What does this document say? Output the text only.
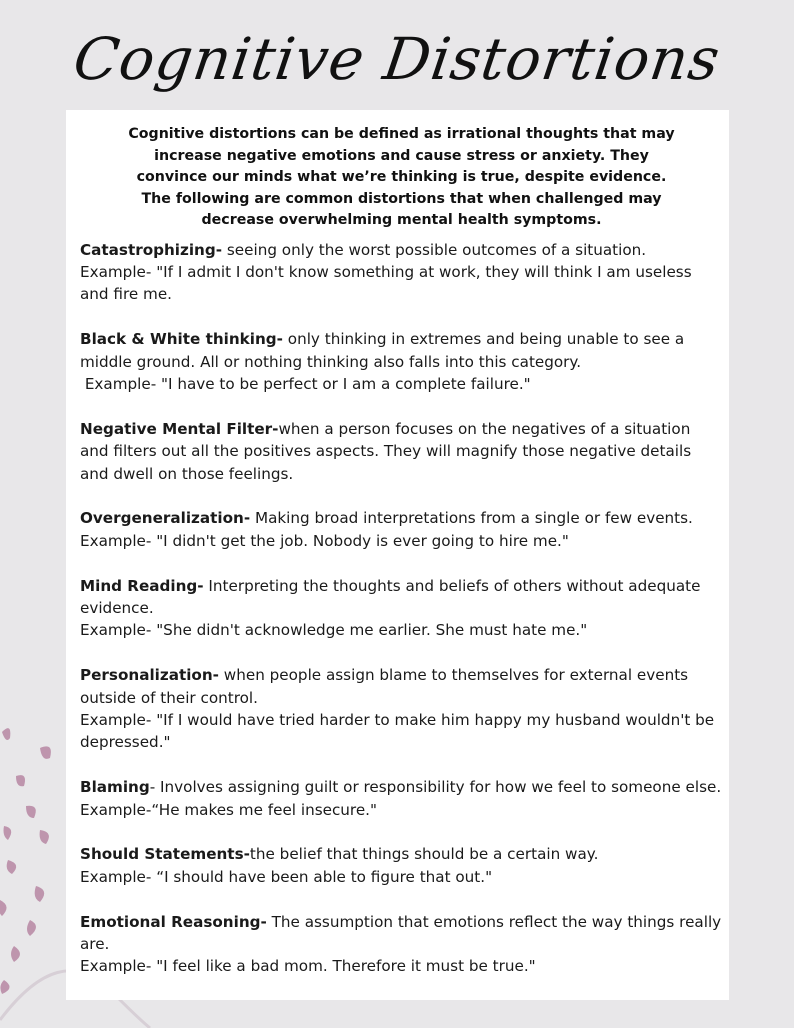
Cognitive Distortions
Cognitive distortions can be defined as irrational thoughts that may increase negative emotions and cause stress or anxiety. They convince our minds what we’re thinking is true, despite evidence. The following are common distortions that when challenged may decrease overwhelming mental health symptoms.
Catastrophizing- seeing only the worst possible outcomes of a situation.
Example- "If I admit I don't know something at work, they will think I am useless and fire me.
Black & White thinking- only thinking in extremes and being unable to see a middle ground. All or nothing thinking also falls into this category.
Example- "I have to be perfect or I am a complete failure."
Negative Mental Filter-when a person focuses on the negatives of a situation and filters out all the positives aspects. They will magnify those negative details and dwell on those feelings.
Overgeneralization- Making broad interpretations from a single or few events.
Example- "I didn't get the job. Nobody is ever going to hire me."
Mind Reading- Interpreting the thoughts and beliefs of others without adequate evidence.
Example- "She didn't acknowledge me earlier. She must hate me."
Personalization- when people assign blame to themselves for external events outside of their control.
Example- "If I would have tried harder to make him happy my husband wouldn't be depressed."
Blaming- Involves assigning guilt or responsibility for how we feel to someone else.
Example-“He makes me feel insecure."
Should Statements-the belief that things should be a certain way.
Example- “I should have been able to figure that out."
Emotional Reasoning- The assumption that emotions reflect the way things really are.
Example- "I feel like a bad mom. Therefore it must be true."
